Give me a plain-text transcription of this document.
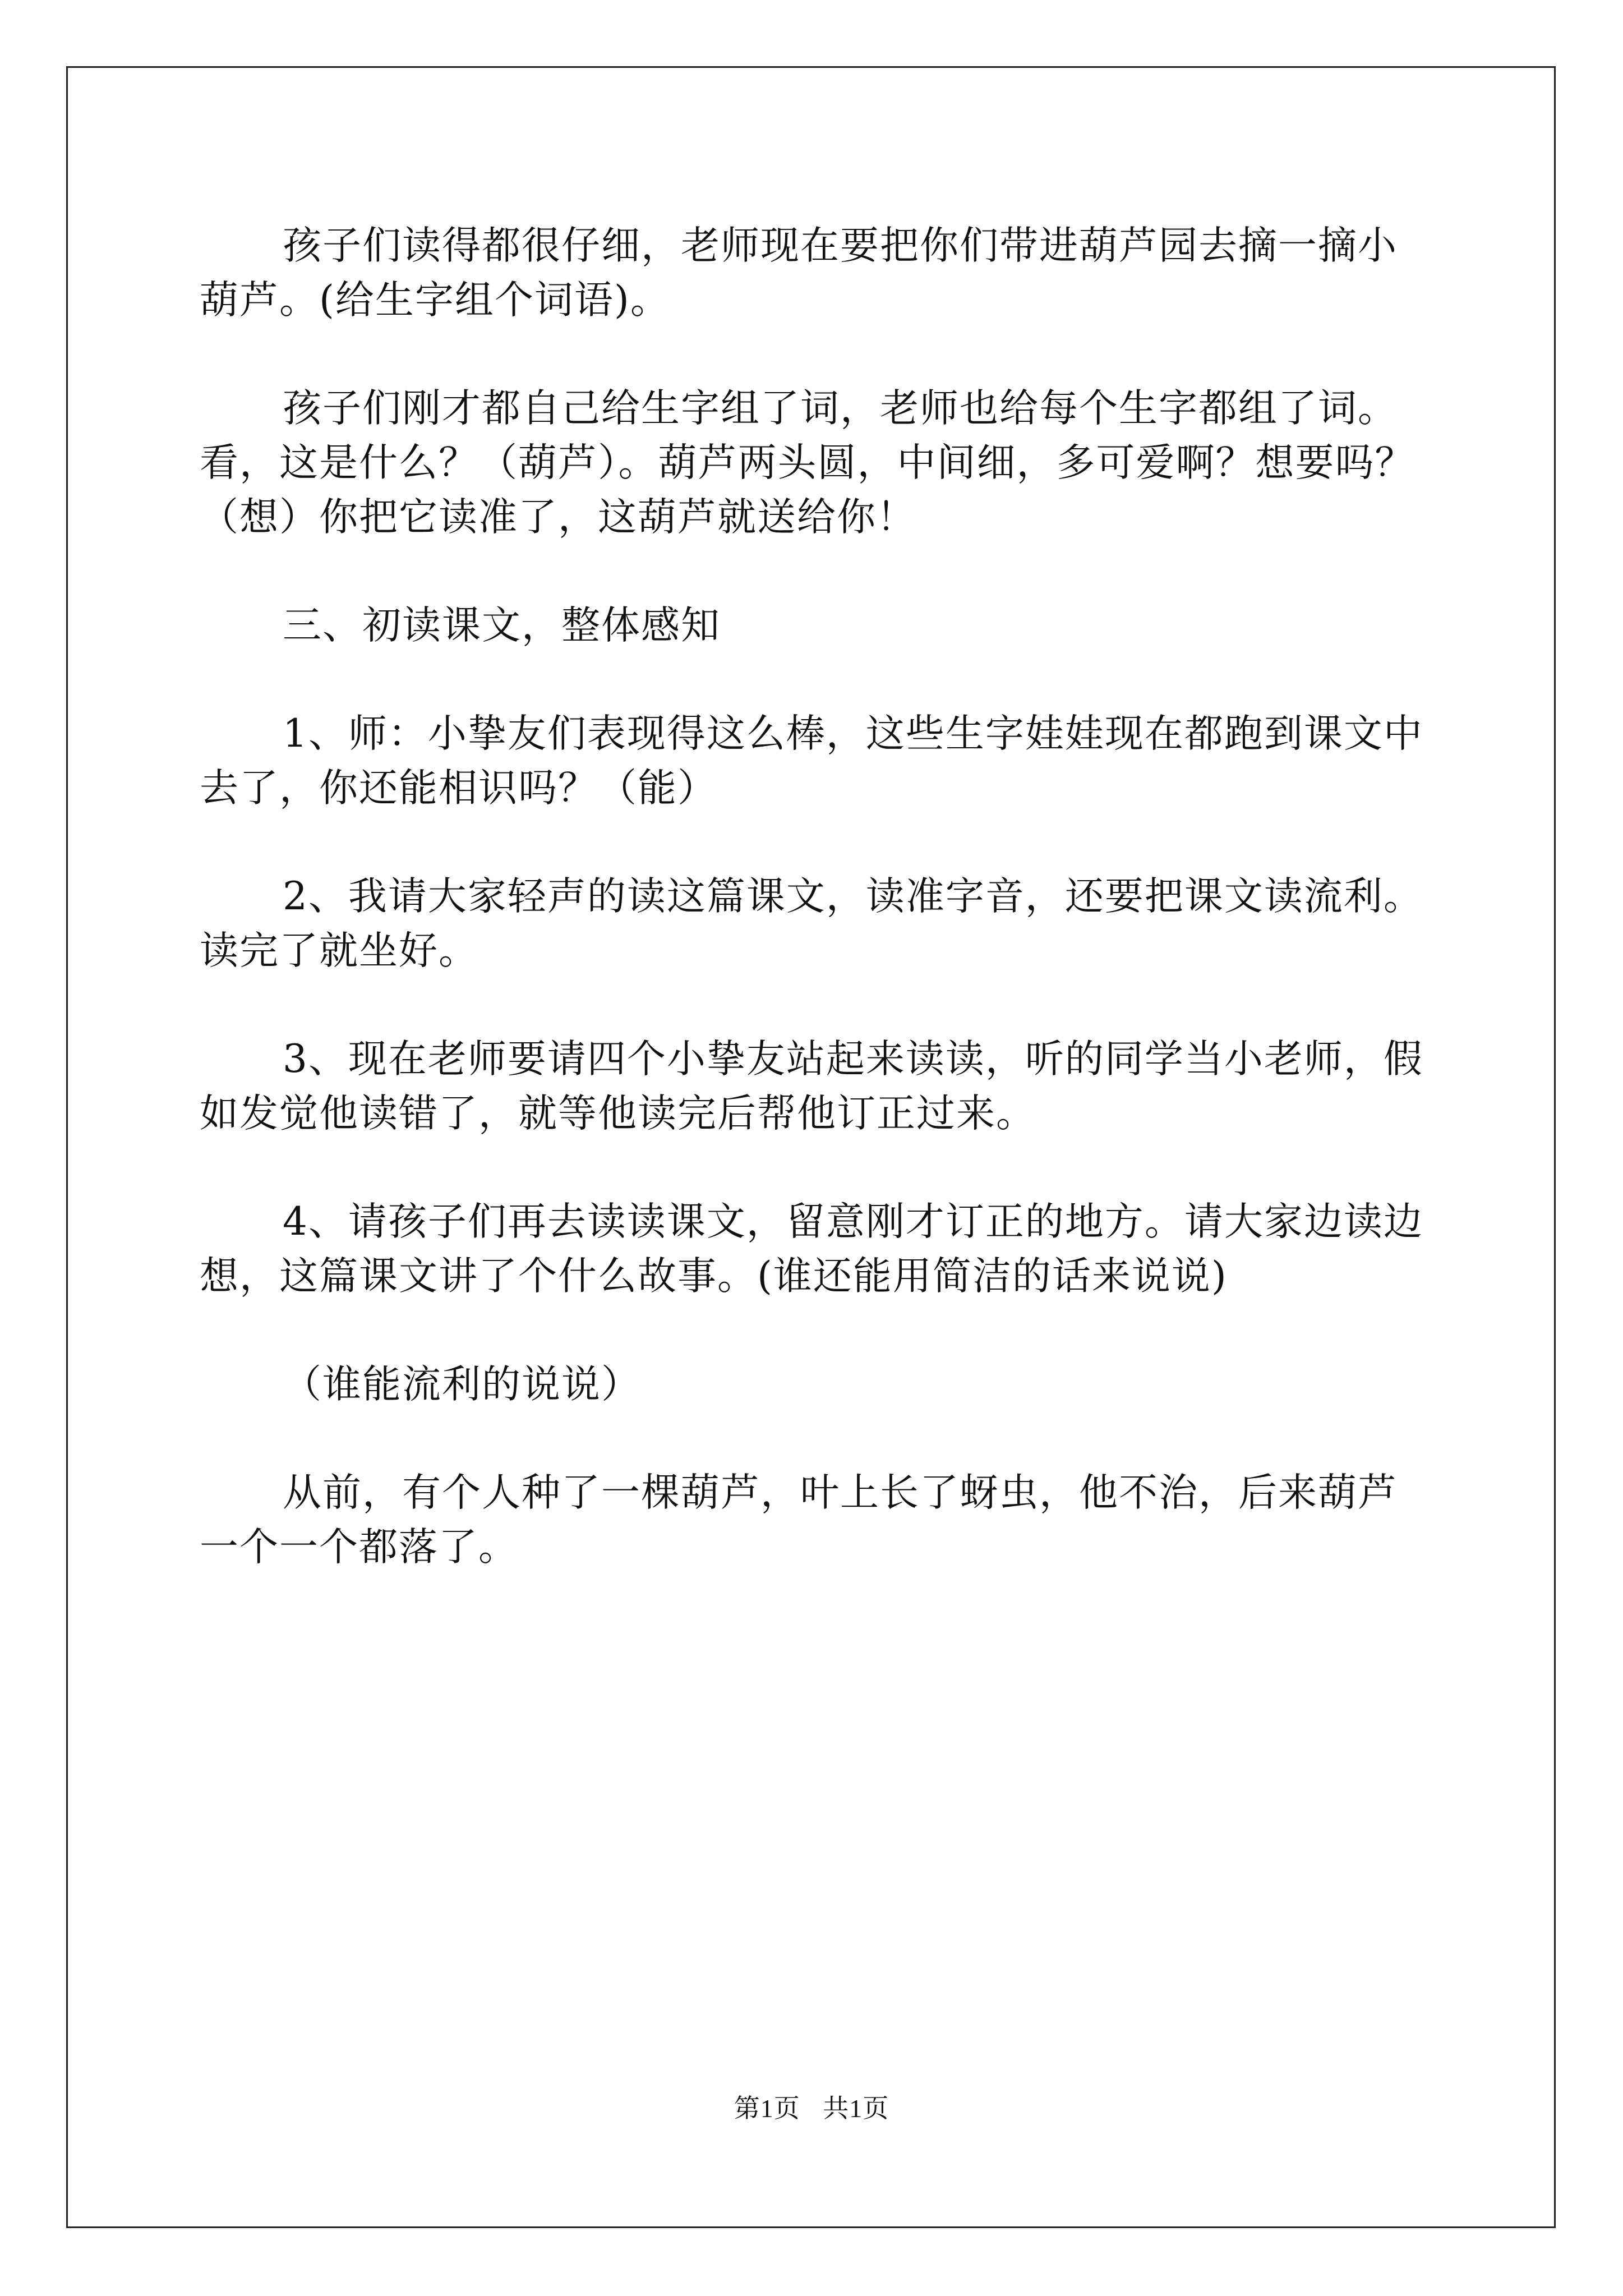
孩子们读得都很仔细，老师现在要把你们带进葫芦园去摘一摘小葫芦。(给生字组个词语)。

孩子们刚才都自己给生字组了词，老师也给每个生字都组了词。看，这是什么？（葫芦）。葫芦两头圆，中间细，多可爱啊？想要吗？（想）你把它读准了，这葫芦就送给你！

三、初读课文，整体感知

1、师：小挚友们表现得这么棒，这些生字娃娃现在都跑到课文中去了，你还能相识吗？（能）

2、我请大家轻声的读这篇课文，读准字音，还要把课文读流利。读完了就坐好。

3、现在老师要请四个小挚友站起来读读，听的同学当小老师，假如发觉他读错了，就等他读完后帮他订正过来。

4、请孩子们再去读读课文，留意刚才订正的地方。请大家边读边想，这篇课文讲了个什么故事。(谁还能用简洁的话来说说)

（谁能流利的说说）

从前，有个人种了一棵葫芦，叶上长了蚜虫，他不治，后来葫芦一个一个都落了。

第1页 共1页
